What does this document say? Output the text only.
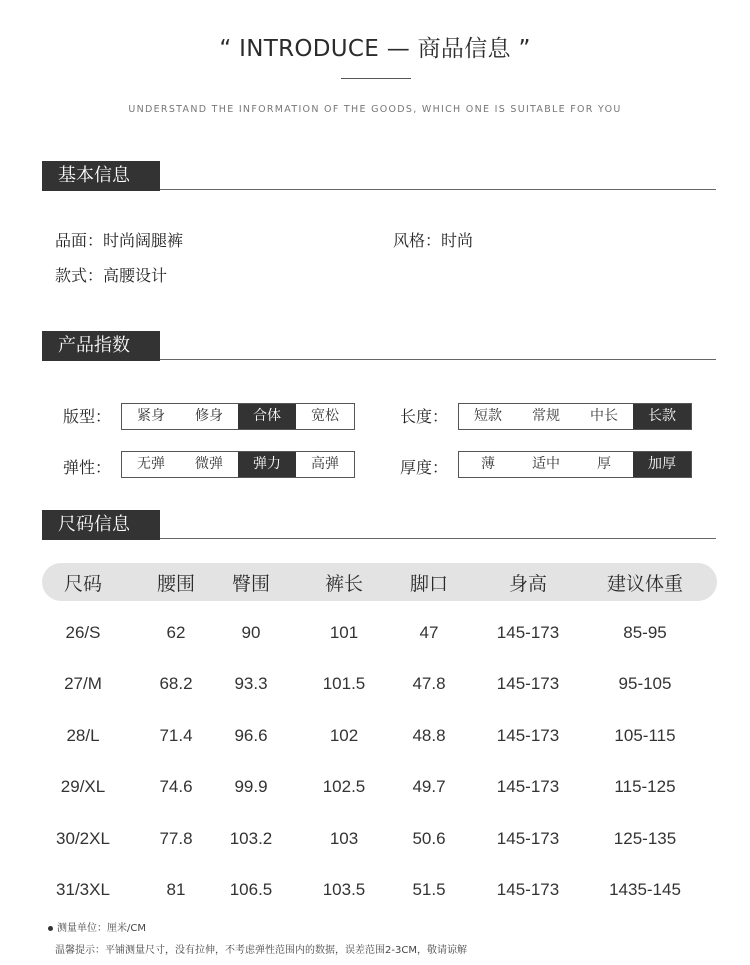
“ INTRODUCE — 商品信息 ”
UNDERSTAND THE INFORMATION OF THE GOODS, WHICH ONE IS SUITABLE FOR YOU
基本信息
品面：时尚阔腿裤	风格：时尚
款式：高腰设计
产品指数
版型：	紧身	修身	合体	宽松	长度：	短款	常规	中长	长款
弹性：	无弹	微弹	弹力	高弹	厚度：	薄	适中	厚	加厚
尺码信息
尺码	腰围	臀围	裤长	脚口	身高	建议体重
26/S	62	90	101	47	145-173	85-95
27/M	68.2	93.3	101.5	47.8	145-173	95-105
28/L	71.4	96.6	102	48.8	145-173	105-115
29/XL	74.6	99.9	102.5	49.7	145-173	115-125
30/2XL	77.8	103.2	103	50.6	145-173	125-135
31/3XL	81	106.5	103.5	51.5	145-173	1435-145
测量单位：厘米/CM
温馨提示：平铺测量尺寸，没有拉伸，不考虑弹性范围内的数据，误差范围2-3CM，敬请谅解
